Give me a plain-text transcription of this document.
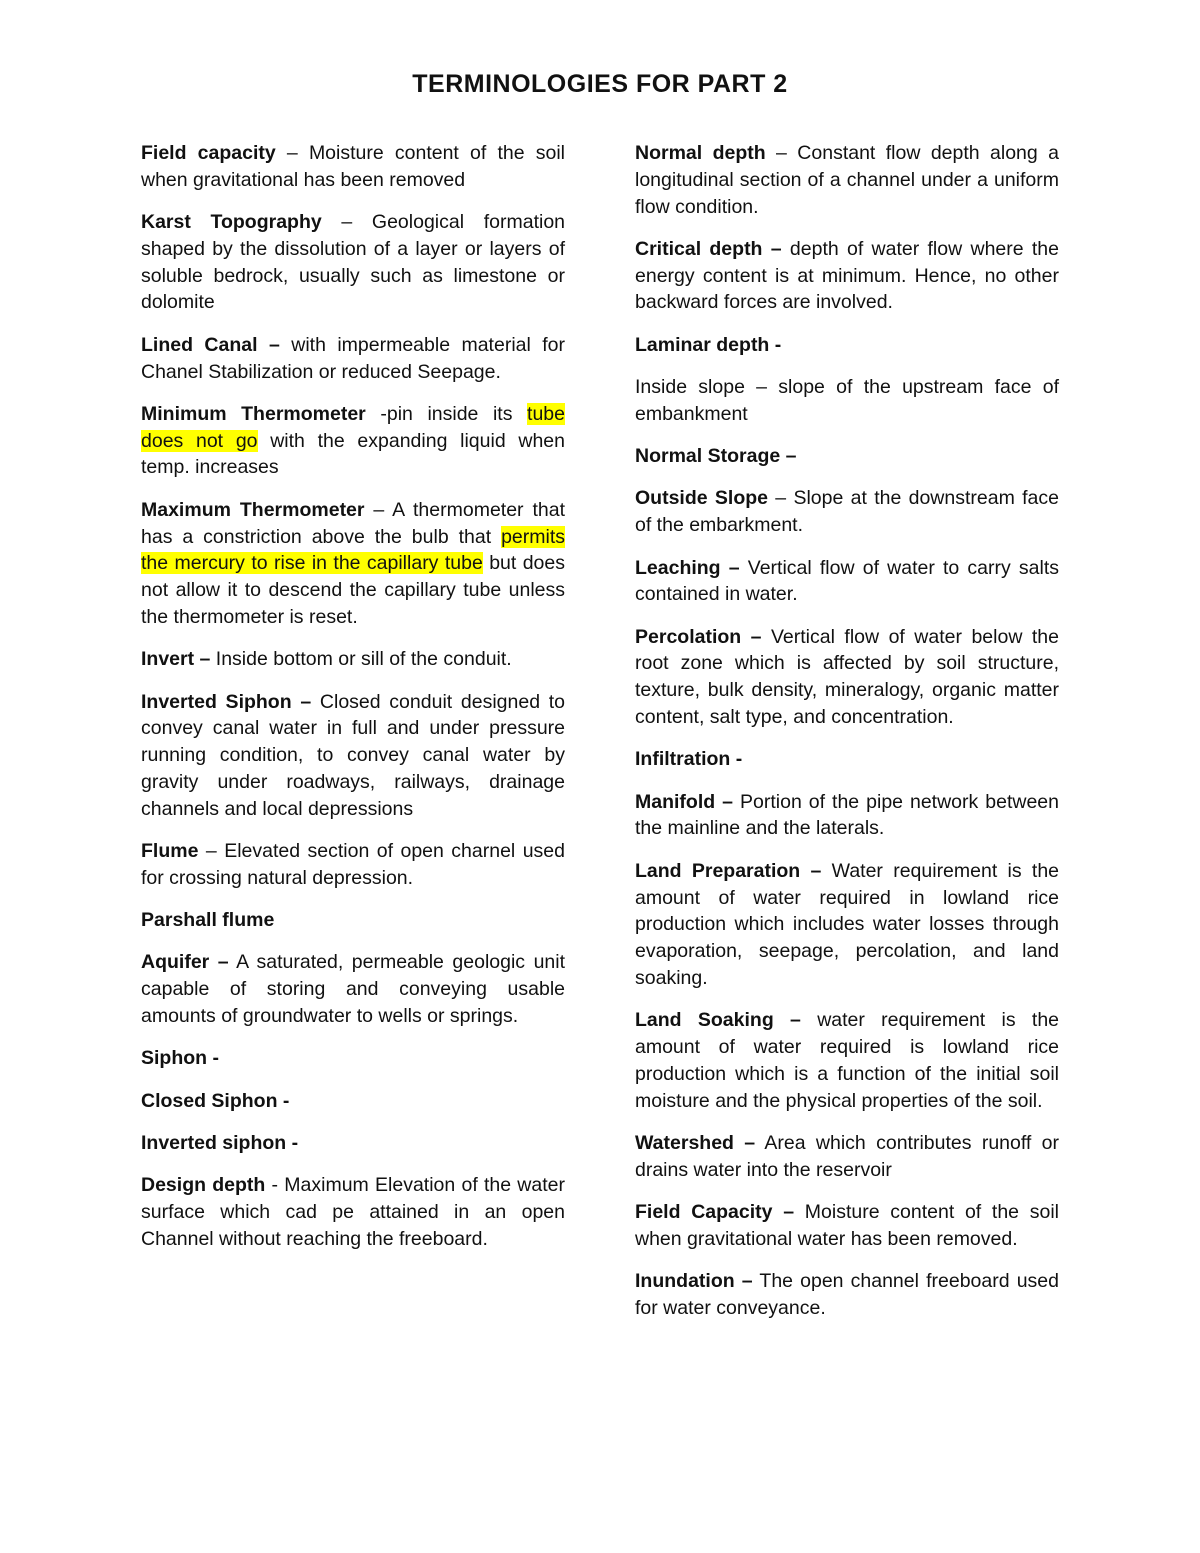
TERMINOLOGIES FOR PART 2

Field capacity – Moisture content of the soil when gravitational has been removed

Karst Topography – Geological formation shaped by the dissolution of a layer or layers of soluble bedrock, usually such as limestone or dolomite

Lined Canal – with impermeable material for Chanel Stabilization or reduced Seepage.

Minimum Thermometer -pin inside its tube does not go with the expanding liquid when temp. increases

Maximum Thermometer – A thermometer that has a constriction above the bulb that permits the mercury to rise in the capillary tube but does not allow it to descend the capillary tube unless the thermometer is reset.

Invert – Inside bottom or sill of the conduit.

Inverted Siphon – Closed conduit designed to convey canal water in full and under pressure running condition, to convey canal water by gravity under roadways, railways, drainage channels and local depressions

Flume – Elevated section of open charnel used for crossing natural depression.

Parshall flume

Aquifer – A saturated, permeable geologic unit capable of storing and conveying usable amounts of groundwater to wells or springs.

Siphon -

Closed Siphon -

Inverted siphon -

Design depth - Maximum Elevation of the water surface which cad pe attained in an open Channel without reaching the freeboard.

Normal depth – Constant flow depth along a longitudinal section of a channel under a uniform flow condition.

Critical depth – depth of water flow where the energy content is at minimum. Hence, no other backward forces are involved.

Laminar depth -

Inside slope – slope of the upstream face of embankment

Normal Storage –

Outside Slope – Slope at the downstream face of the embarkment.

Leaching – Vertical flow of water to carry salts contained in water.

Percolation – Vertical flow of water below the root zone which is affected by soil structure, texture, bulk density, mineralogy, organic matter content, salt type, and concentration.

Infiltration -

Manifold – Portion of the pipe network between the mainline and the laterals.

Land Preparation – Water requirement is the amount of water required in lowland rice production which includes water losses through evaporation, seepage, percolation, and land soaking.

Land Soaking – water requirement is the amount of water required is lowland rice production which is a function of the initial soil moisture and the physical properties of the soil.

Watershed – Area which contributes runoff or drains water into the reservoir

Field Capacity – Moisture content of the soil when gravitational water has been removed.

Inundation – The open channel freeboard used for water conveyance.
